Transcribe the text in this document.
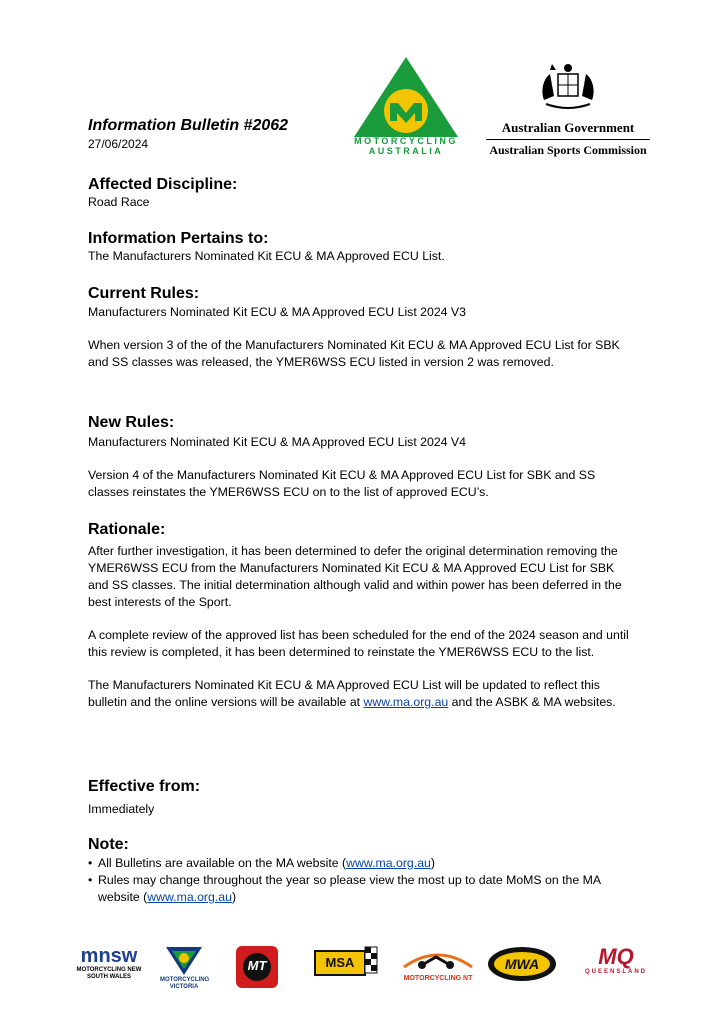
Information Bulletin #2062
27/06/2024	MOTORCYCLING
AUSTRALIA
Australian Government
Australian Sports Commission
Affected Discipline:
Road Race
Information Pertains to:
The Manufacturers Nominated Kit ECU & MA Approved ECU List.
Current Rules:

Manufacturers Nominated Kit ECU & MA Approved ECU List 2024 V3

When version 3 of the of the Manufacturers Nominated Kit ECU & MA Approved ECU List for SBK and SS classes was released, the YMER6WSS ECU listed in version 2 was removed.

New Rules:

Manufacturers Nominated Kit ECU & MA Approved ECU List 2024 V4

Version 4 of the Manufacturers Nominated Kit ECU & MA Approved ECU List for SBK and SS classes reinstates the YMER6WSS ECU on to the list of approved ECU’s.

Rationale:

After further investigation, it has been determined to defer the original determination removing the YMER6WSS ECU from the Manufacturers Nominated Kit ECU & MA Approved ECU List for SBK and SS classes. The initial determination although valid and within power has been deferred in the best interests of the Sport.

A complete review of the approved list has been scheduled for the end of the 2024 season and until this review is completed, it has been determined to reinstate the YMER6WSS ECU to the list.

The Manufacturers Nominated Kit ECU & MA Approved ECU List will be updated to reflect this bulletin and the online versions will be available at www.ma.org.au and the ASBK & MA websites.

Effective from:
Immediately
Note:
• All Bulletins are available on the MA website (www.ma.org.au)
• Rules may change throughout the year so please view the most up to date MoMS on the MA website (www.ma.org.au)
mnsw
MOTORCYCLING NEW SOUTH WALES	MOTORCYCLING VICTORIA
MT	MSA
MOTORCYCLING NT
MWA	MQ
QUEENSLAND
